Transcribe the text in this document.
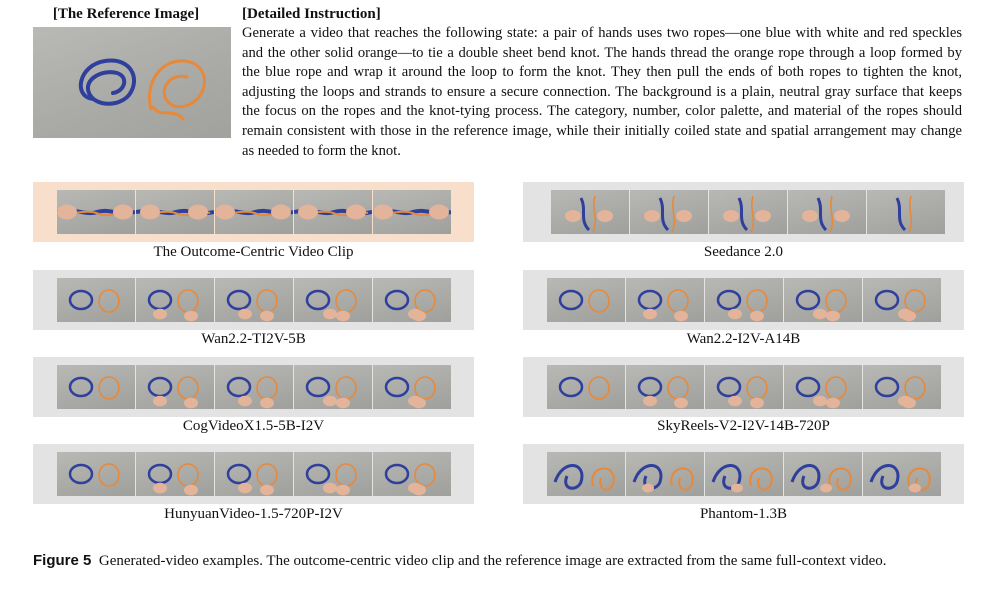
[The Reference Image]	[Detailed Instruction]

Generate a video that reaches the following state: a pair of hands uses two ropes—one blue with white and red speckles and the other solid orange—to tie a double sheet bend knot. The hands thread the orange rope through a loop formed by the blue rope and wrap it around the loop to form the knot. They then pull the ends of both ropes to tighten the knot, adjusting the loops and strands to ensure a secure connection. The background is a plain, neutral gray surface that keeps the focus on the ropes and the knot-tying process. The category, number, color palette, and material of the ropes should remain consistent with those in the reference image, while their initially coiled state and spatial arrangement may change as needed to form the knot.

The Outcome-Centric Video Clip	Seedance 2.0
Wan2.2-TI2V-5B	Wan2.2-I2V-A14B
CogVideoX1.5-5B-I2V	SkyReels-V2-I2V-14B-720P
HunyuanVideo-1.5-720P-I2V	Phantom-1.3B

Figure 5 Generated-video examples. The outcome-centric video clip and the reference image are extracted from the same full-context video.
